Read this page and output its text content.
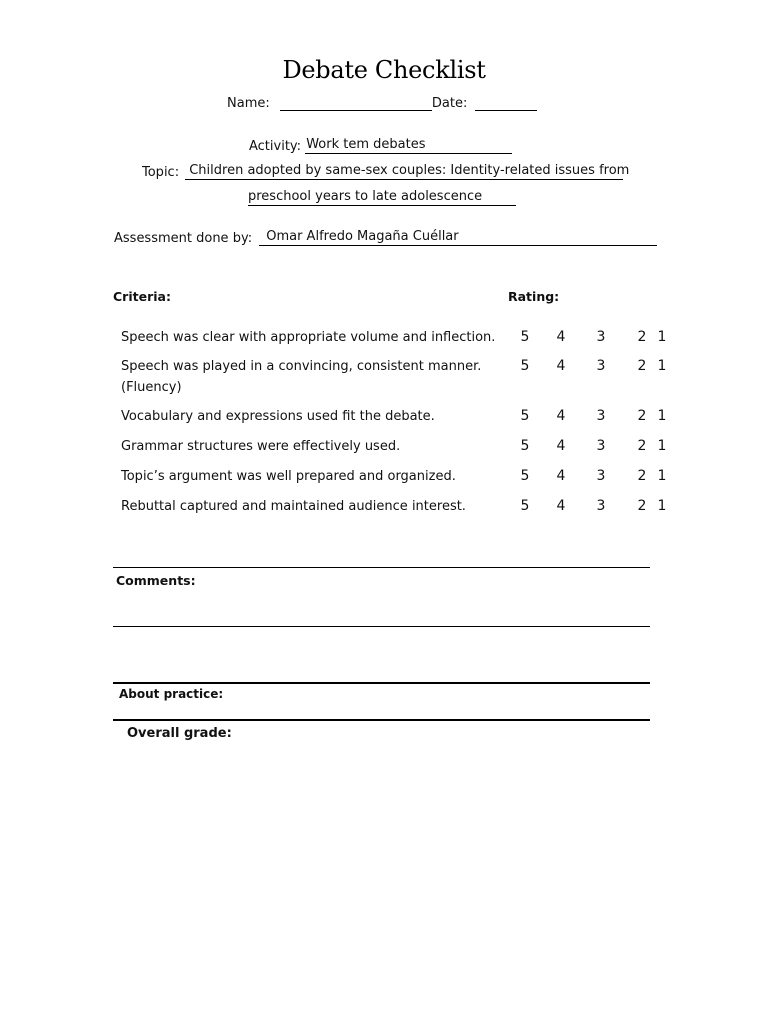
Debate Checklist
Name:	Date:
Activity: Work tem debates
Topic: Children adopted by same-sex couples: Identity-related issues from
preschool years to late adolescence
Assessment done by: Omar Alfredo Magaña Cuéllar
Criteria:	Rating:
Speech was clear with appropriate volume and inflection.	5 4 3 2 1
Speech was played in a convincing, consistent manner.
(Fluency)
5 4 3 2 1
Vocabulary and expressions used fit the debate.	5 4 3 2 1
Grammar structures were effectively used.	5 4 3 2 1
Topic’s argument was well prepared and organized.	5 4 3 2 1
Rebuttal captured and maintained audience interest.	5 4 3 2 1
Comments:
About practice:
Overall grade:
